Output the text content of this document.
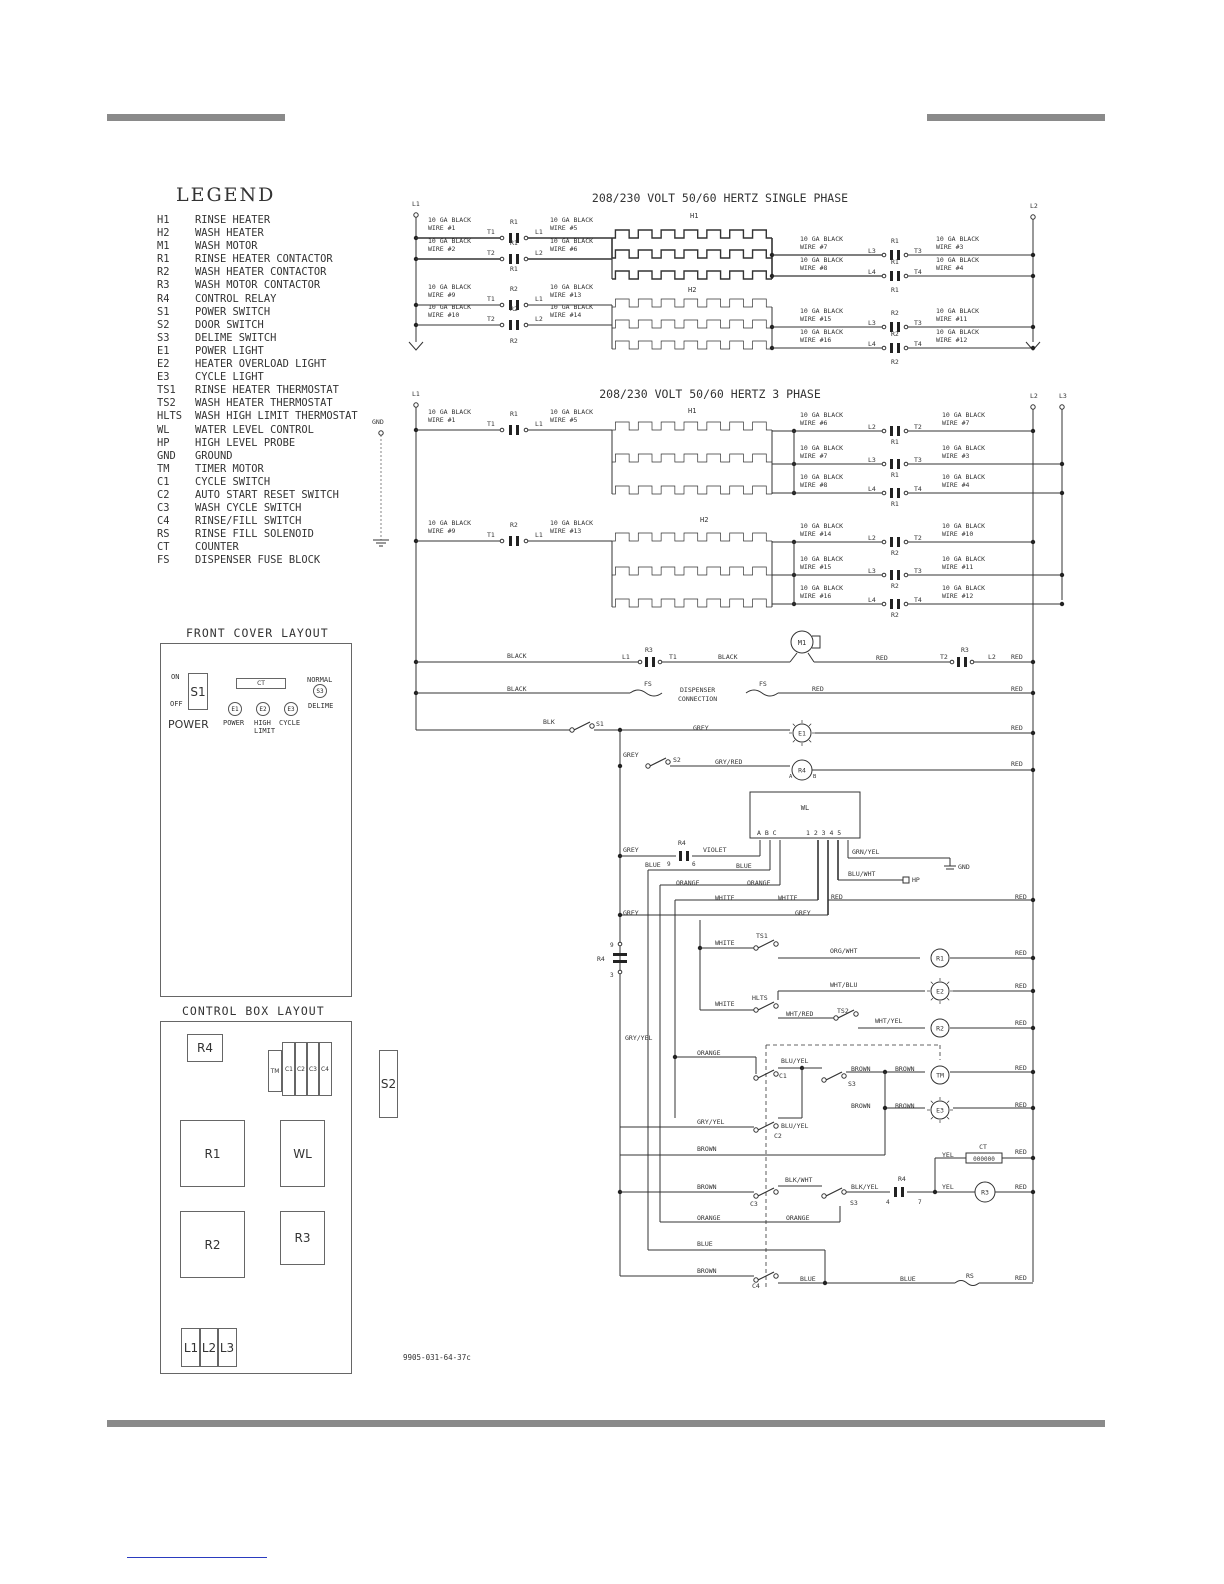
LEGEND
H1	RINSE HEATER
H2	WASH HEATER
M1	WASH MOTOR
R1	RINSE HEATER CONTACTOR
R2	WASH HEATER CONTACTOR
R3	WASH MOTOR CONTACTOR
R4	CONTROL RELAY
S1	POWER SWITCH
S2	DOOR SWITCH
S3	DELIME SWITCH
E1	POWER LIGHT
E2	HEATER OVERLOAD LIGHT
E3	CYCLE LIGHT
TS1	RINSE HEATER THERMOSTAT
TS2	WASH HEATER THERMOSTAT
HLTS	WASH HIGH LIMIT THERMOSTAT
WL	WATER LEVEL CONTROL
HP	HIGH LEVEL PROBE
GND	GROUND
TM	TIMER MOTOR
C1	CYCLE SWITCH
C2	AUTO START RESET SWITCH
C3	WASH CYCLE SWITCH
C4	RINSE/FILL SWITCH
RS	RINSE FILL SOLENOID
CT	COUNTER
FS	DISPENSER FUSE BLOCK
FRONT COVER LAYOUT
ON
OFF
S1
POWER
CT	NORMAL
S3
DELIME
E1	E2	E3
POWER HIGH
LIMIT
CYCLE
CONTROL BOX LAYOUT
R4
TM C1 C2 C3 C4
R1	WL
R2	R3
L1 L2 L3
S2
208/230 VOLT 50/60 HERTZ SINGLE PHASE
L1	L2
10 GA BLACK
WIRE #1	T1
R1
L1
10 GA BLACK
WIRE #5
10 GA BLACK
WIRE #2	T2
R1
L2
10 GA BLACK
WIRE #6
10 GA BLACK
WIRE #9	T1
R2
L1
10 GA BLACK
WIRE #13
10 GA BLACK
WIRE #10	T2
R2
L2
10 GA BLACK
WIRE #14
R1
R2
H1
H2
10 GA BLACK
WIRE #7	L3
R1
T3
10 GA BLACK
WIRE #3
10 GA BLACK
WIRE #8	L4
R1
T4
10 GA BLACK
WIRE #4
10 GA BLACK
WIRE #15	L3
R2
T3
10 GA BLACK
WIRE #11
10 GA BLACK
WIRE #16	L4
R2
T4
10 GA BLACK
WIRE #12
R1
R2
208/230 VOLT 50/60 HERTZ 3 PHASE
L1	L2	L3
10 GA BLACK
WIRE #1	T1
R1
L1
10 GA BLACK
WIRE #5
10 GA BLACK
WIRE #9	T1
R2
L1
10 GA BLACK
WIRE #13
H1
H2
10 GA BLACK
WIRE #6	L2
R1
T2
10 GA BLACK
WIRE #7
10 GA BLACK
WIRE #7	L3
R1
T3
10 GA BLACK
WIRE #3
10 GA BLACK
WIRE #8	L4
R1
T4
10 GA BLACK
WIRE #4
10 GA BLACK
WIRE #14	L2
R2
T2
10 GA BLACK
WIRE #10
10 GA BLACK
WIRE #15	L3
R2
T3
10 GA BLACK
WIRE #11
10 GA BLACK
WIRE #16	L4
R2
T4
10 GA BLACK
WIRE #12
GND
BLACK	L1
R3
T1	BLACK
M1
RED	T2
R3
L2 RED
BLACK
FS
DISPENSER
CONNECTION
FS
RED	RED
BLK	S1	GREY
E1
RED
GREY
S2	GRY/RED
R4
A	B
RED
WL
A B C	1 2 3 4 5
GREY
R4
9	6
VIOLET
BLUE	BLUE
GRN/YEL
GND
BLU/WHT
HP
ORANGE	ORANGE
WHITE	WHITE	RED	RED
GREY	GREY
9
R4
3
GRY/YEL
WHITE
TS1
ORG/WHT
R1
RED
WHT/BLU
E2
RED
WHITE
HLTS
WHT/RED	TS2
WHT/YEL
R2
RED
ORANGE
C1
BLU/YEL
S3
BROWN	BROWN
TM
RED
BROWN	BROWN
E3
RED
GRY/YEL
C2
BLU/YEL
BROWN
YEL
CT
000000
RED
BROWN
C3
BLK/WHT
S3
BLK/YEL
R4
4	7
YEL
R3
RED
ORANGE	ORANGE
BLUE
BROWN
C4
BLUE	BLUE	RS	RED
9905-031-64-37c
